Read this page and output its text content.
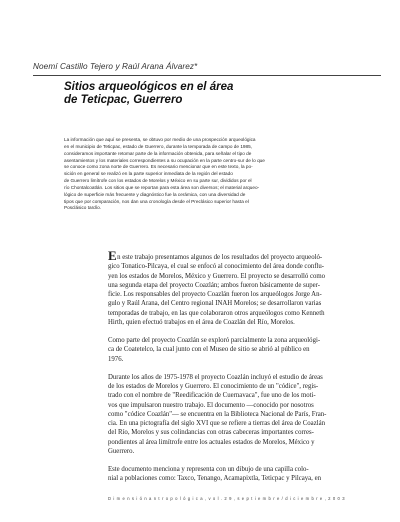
Noemí Castillo Tejero y Raúl Arana Álvarez*
Sitios arqueológicos en el área
de Teticpac, Guerrero
La información que aquí se presenta, se obtuvo por medio de una prospección arqueológica
en el municipio de Teticpac, estado de Guerrero, durante la temporada de campo de 1985,
consideramos importante retomar parte de la información obtenida, para señalar el tipo de
asentamientos y los materiales correspondientes a su ocupación en la parte centro-sur de lo que
se conoce como zona norte de Guerrero. Es necesario mencionar que en este texto, la po-
sición en general se realizó en la parte superior inmediata de la región del estado
de Guerrero limítrofe con los estados de Morelos y México en su parte sur, divididos por el
río Chontalcoatlán. Los sitios que se reportan para esta área son diversos; el material arqueo-
lógico de superficie más frecuente y diagnóstico fue la cerámica, con una diversidad de
tipos que por comparación, nos dan una cronología desde el Preclásico superior hasta el
Posclásico tardío.
En este trabajo presentamos algunos de los resultados del proyecto arqueoló-
gico Tonatico-Pilcaya, el cual se enfocó al conocimiento del área donde conflu-
yen los estados de Morelos, México y Guerrero. El proyecto se desarrolló como
una segunda etapa del proyecto Coazlán; ambos fueron básicamente de super-
ficie. Los responsables del proyecto Coazlán fueron los arqueólogos Jorge An-
gulo y Raúl Arana, del Centro regional INAH Morelos; se desarrollaron varias
temporadas de trabajo, en las que colaboraron otros arqueólogos como Kenneth
Hirth, quien efectuó trabajos en el área de Coazlán del Río, Morelos.
Como parte del proyecto Coazlán se exploró parcialmente la zona arqueológi-
ca de Coatetelco, la cual junto con el Museo de sitio se abrió al público en
1976.
Durante los años de 1975-1978 el proyecto Coazlán incluyó el estudio de áreas
de los estados de Morelos y Guerrero. El conocimiento de un "códice", regis-
trado con el nombre de "Reedificación de Cuernavaca", fue uno de los moti-
vos que impulsaron nuestro trabajo. El documento —conocido por nosotros
como "códice Coazlán"— se encuentra en la Biblioteca Nacional de París, Fran-
cia. En una pictografía del siglo XVI que se refiere a tierras del área de Coazlán
del Río, Morelos y sus colindancias con otras cabeceras importantes corres-
pondientes al área limítrofe entre los actuales estados de Morelos, México y
Guerrero.
Este documento menciona y representa con un dibujo de una capilla colo-
nial a poblaciones como: Taxco, Tenango, Acamapixtla, Teticpac y Pilcaya, en
D i m e n s i ó n a n t r o p o l ó g i c a , v o l . 2 9 , s e p t i e m b r e / d i c i e m b r e , 2 0 0 3
